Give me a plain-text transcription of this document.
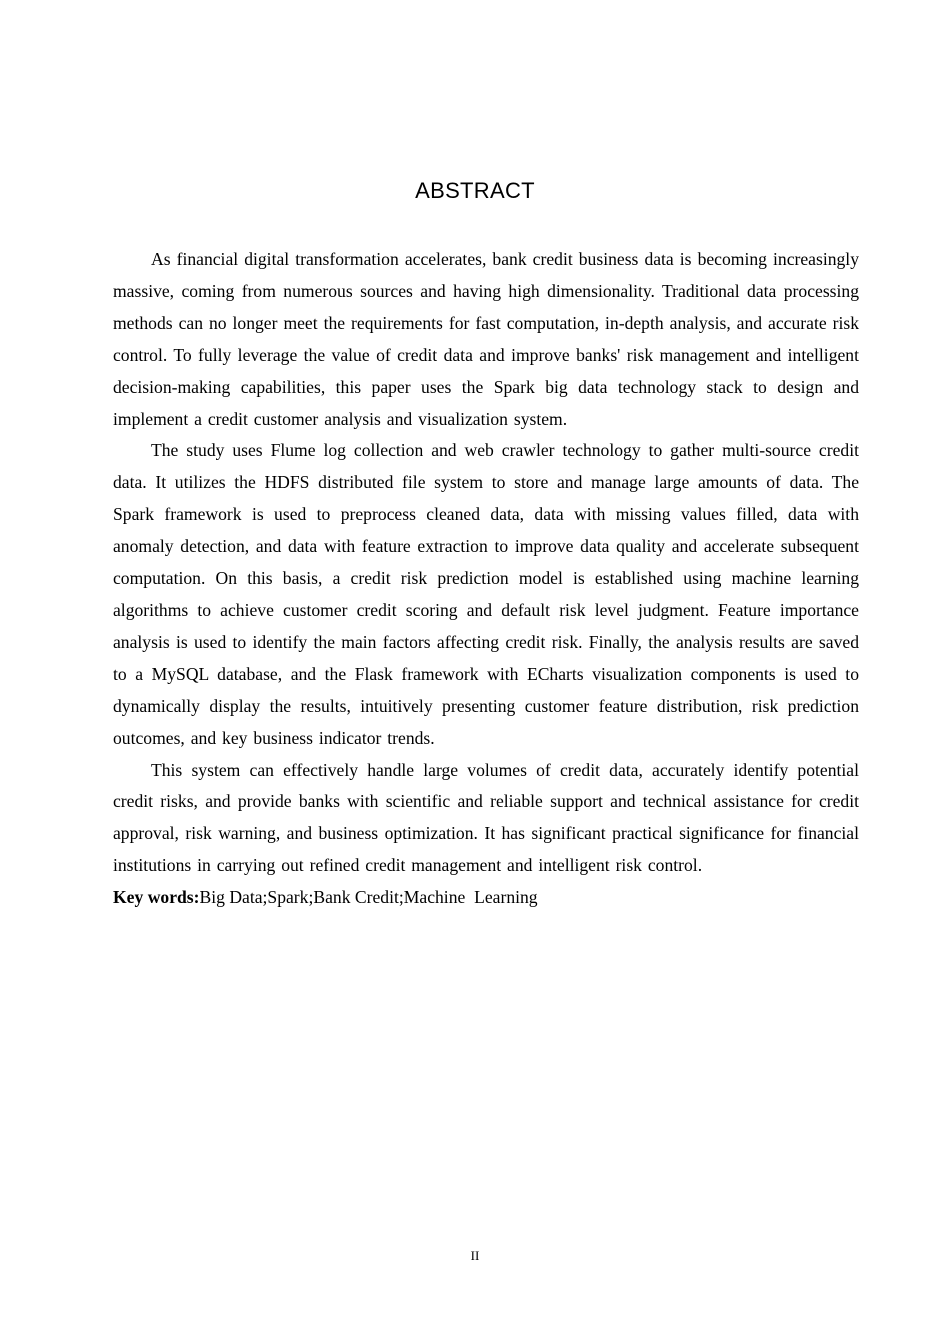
ABSTRACT

As financial digital transformation accelerates, bank credit business data is becoming increasingly massive, coming from numerous sources and having high dimensionality. Traditional data processing methods can no longer meet the requirements for fast computation, in-depth analysis, and accurate risk control. To fully leverage the value of credit data and improve banks' risk management and intelligent decision-making capabilities, this paper uses the Spark big data technology stack to design and implement a credit customer analysis and visualization system.

The study uses Flume log collection and web crawler technology to gather multi-source credit data. It utilizes the HDFS distributed file system to store and manage large amounts of data. The Spark framework is used to preprocess cleaned data, data with missing values filled, data with anomaly detection, and data with feature extraction to improve data quality and accelerate subsequent computation. On this basis, a credit risk prediction model is established using machine learning algorithms to achieve customer credit scoring and default risk level judgment. Feature importance analysis is used to identify the main factors affecting credit risk. Finally, the analysis results are saved to a MySQL database, and the Flask framework with ECharts visualization components is used to dynamically display the results, intuitively presenting customer feature distribution, risk prediction outcomes, and key business indicator trends.

This system can effectively handle large volumes of credit data, accurately identify potential credit risks, and provide banks with scientific and reliable support and technical assistance for credit approval, risk warning, and business optimization. It has significant practical significance for financial institutions in carrying out refined credit management and intelligent risk control.

Key words:Big Data;Spark;Bank Credit;Machine  Learning

II
